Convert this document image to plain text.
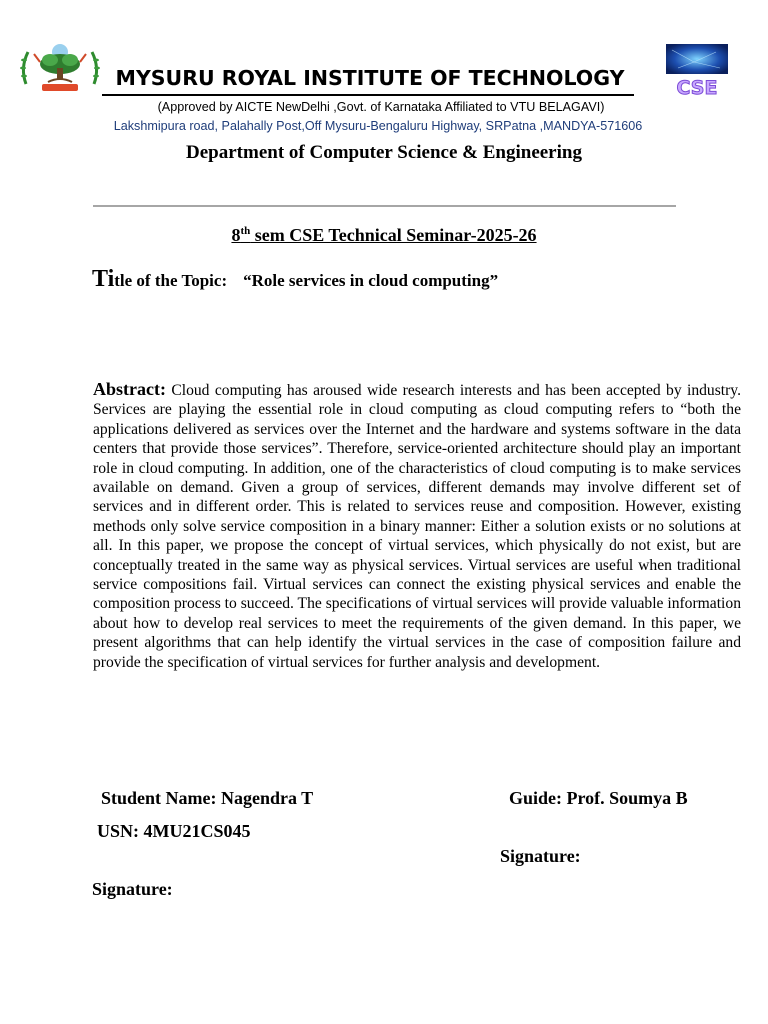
CSE
MYSURU ROYAL INSTITUTE OF TECHNOLOGY
(Approved by AICTE NewDelhi ,Govt. of Karnataka Affiliated to VTU BELAGAVI)
Lakshmipura road, Palahally Post,Off Mysuru-Bengaluru Highway, SRPatna ,MANDYA-571606
Department of Computer Science & Engineering
8th sem CSE Technical Seminar-2025-26
Title of the Topic: “Role services in cloud computing”
Abstract: Cloud computing has aroused wide research interests and has been accepted by industry. Services are playing the essential role in cloud computing as cloud computing refers to “both the applications delivered as services over the Internet and the hardware and systems software in the data centers that provide those services”. Therefore, service-oriented architecture should play an important role in cloud computing. In addition, one of the characteristics of cloud computing is to make services available on demand. Given a group of services, different demands may involve different set of services and in different order. This is related to services reuse and composition. However, existing methods only solve service composition in a binary manner: Either a solution exists or no solutions at all. In this paper, we propose the concept of virtual services, which physically do not exist, but are conceptually treated in the same way as physical services. Virtual services are useful when traditional service compositions fail. Virtual services can connect the existing physical services and enable the composition process to succeed. The specifications of virtual services will provide valuable information about how to develop real services to meet the requirements of the given demand. In this paper, we present algorithms that can help identify the virtual services in the case of composition failure and provide the specification of virtual services for further analysis and development.
Student Name: Nagendra T	Guide: Prof. Soumya B
USN: 4MU21CS045
Signature:
Signature:
